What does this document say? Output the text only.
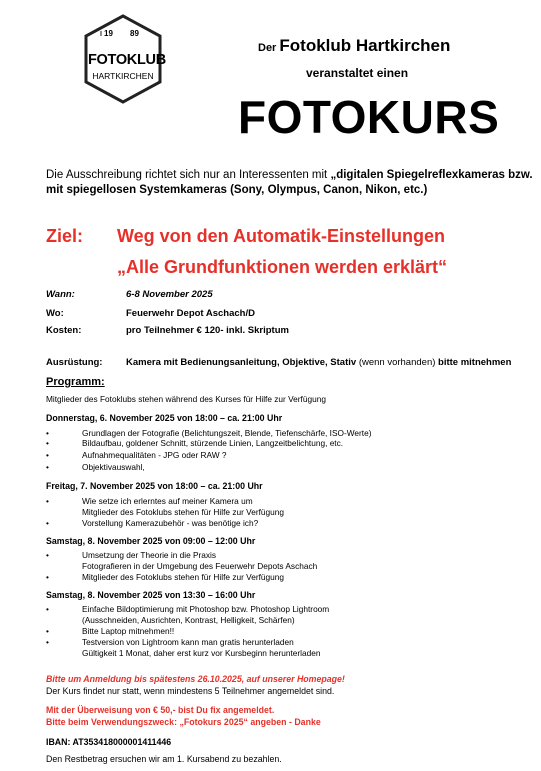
19 89
FOTOKLUB
HARTKIRCHEN
Der Fotoklub Hartkirchen
veranstaltet einen
FOTOKURS
Die Ausschreibung richtet sich nur an Interessenten mit „digitalen Spiegelreflexkameras bzw. mit spiegellosen Systemkameras (Sony, Olympus, Canon, Nikon, etc.)
Ziel: Weg von den Automatik-Einstellungen
„Alle Grundfunktionen werden erklärt“
Wann:	6-8 November 2025
Wo:	Feuerwehr Depot Aschach/D
Kosten:	pro Teilnehmer € 120- inkl. Skriptum
Ausrüstung: Kamera mit Bedienungsanleitung, Objektive, Stativ (wenn vorhanden) bitte mitnehmen
Programm:
Mitglieder des Fotoklubs stehen während des Kurses für Hilfe zur Verfügung
Donnerstag, 6. November 2025 von 18:00 – ca. 21:00 Uhr
•	Grundlagen der Fotografie (Belichtungszeit, Blende, Tiefenschärfe, ISO-Werte)
•	Bildaufbau, goldener Schnitt, stürzende Linien, Langzeitbelichtung, etc.
•	Aufnahmequalitäten - JPG oder RAW ?
•	Objektivauswahl,
Freitag, 7. November 2025 von 18:00 – ca. 21:00 Uhr
•	Wie setze ich erlerntes auf meiner Kamera um
Mitglieder des Fotoklubs stehen für Hilfe zur Verfügung
•	Vorstellung Kamerazubehör - was benötige ich?
Samstag, 8. November 2025 von 09:00 – 12:00 Uhr
•	Umsetzung der Theorie in die Praxis
Fotografieren in der Umgebung des Feuerwehr Depots Aschach
•	Mitglieder des Fotoklubs stehen für Hilfe zur Verfügung
Samstag, 8. November 2025 von 13:30 – 16:00 Uhr
•	Einfache Bildoptimierung mit Photoshop bzw. Photoshop Lightroom
(Ausschneiden, Ausrichten, Kontrast, Helligkeit, Schärfen)
•	Bitte Laptop mitnehmen!!
•	Testversion von Lightroom kann man gratis herunterladen
Gültigkeit 1 Monat, daher erst kurz vor Kursbeginn herunterladen
Bitte um Anmeldung bis spätestens 26.10.2025, auf unserer Homepage!
Der Kurs findet nur statt, wenn mindestens 5 Teilnehmer angemeldet sind.
Mit der Überweisung von € 50,- bist Du fix angemeldet.
Bitte beim Verwendungszweck: „Fotokurs 2025“ angeben - Danke
IBAN: AT353418000001411446
Den Restbetrag ersuchen wir am 1. Kursabend zu bezahlen.
